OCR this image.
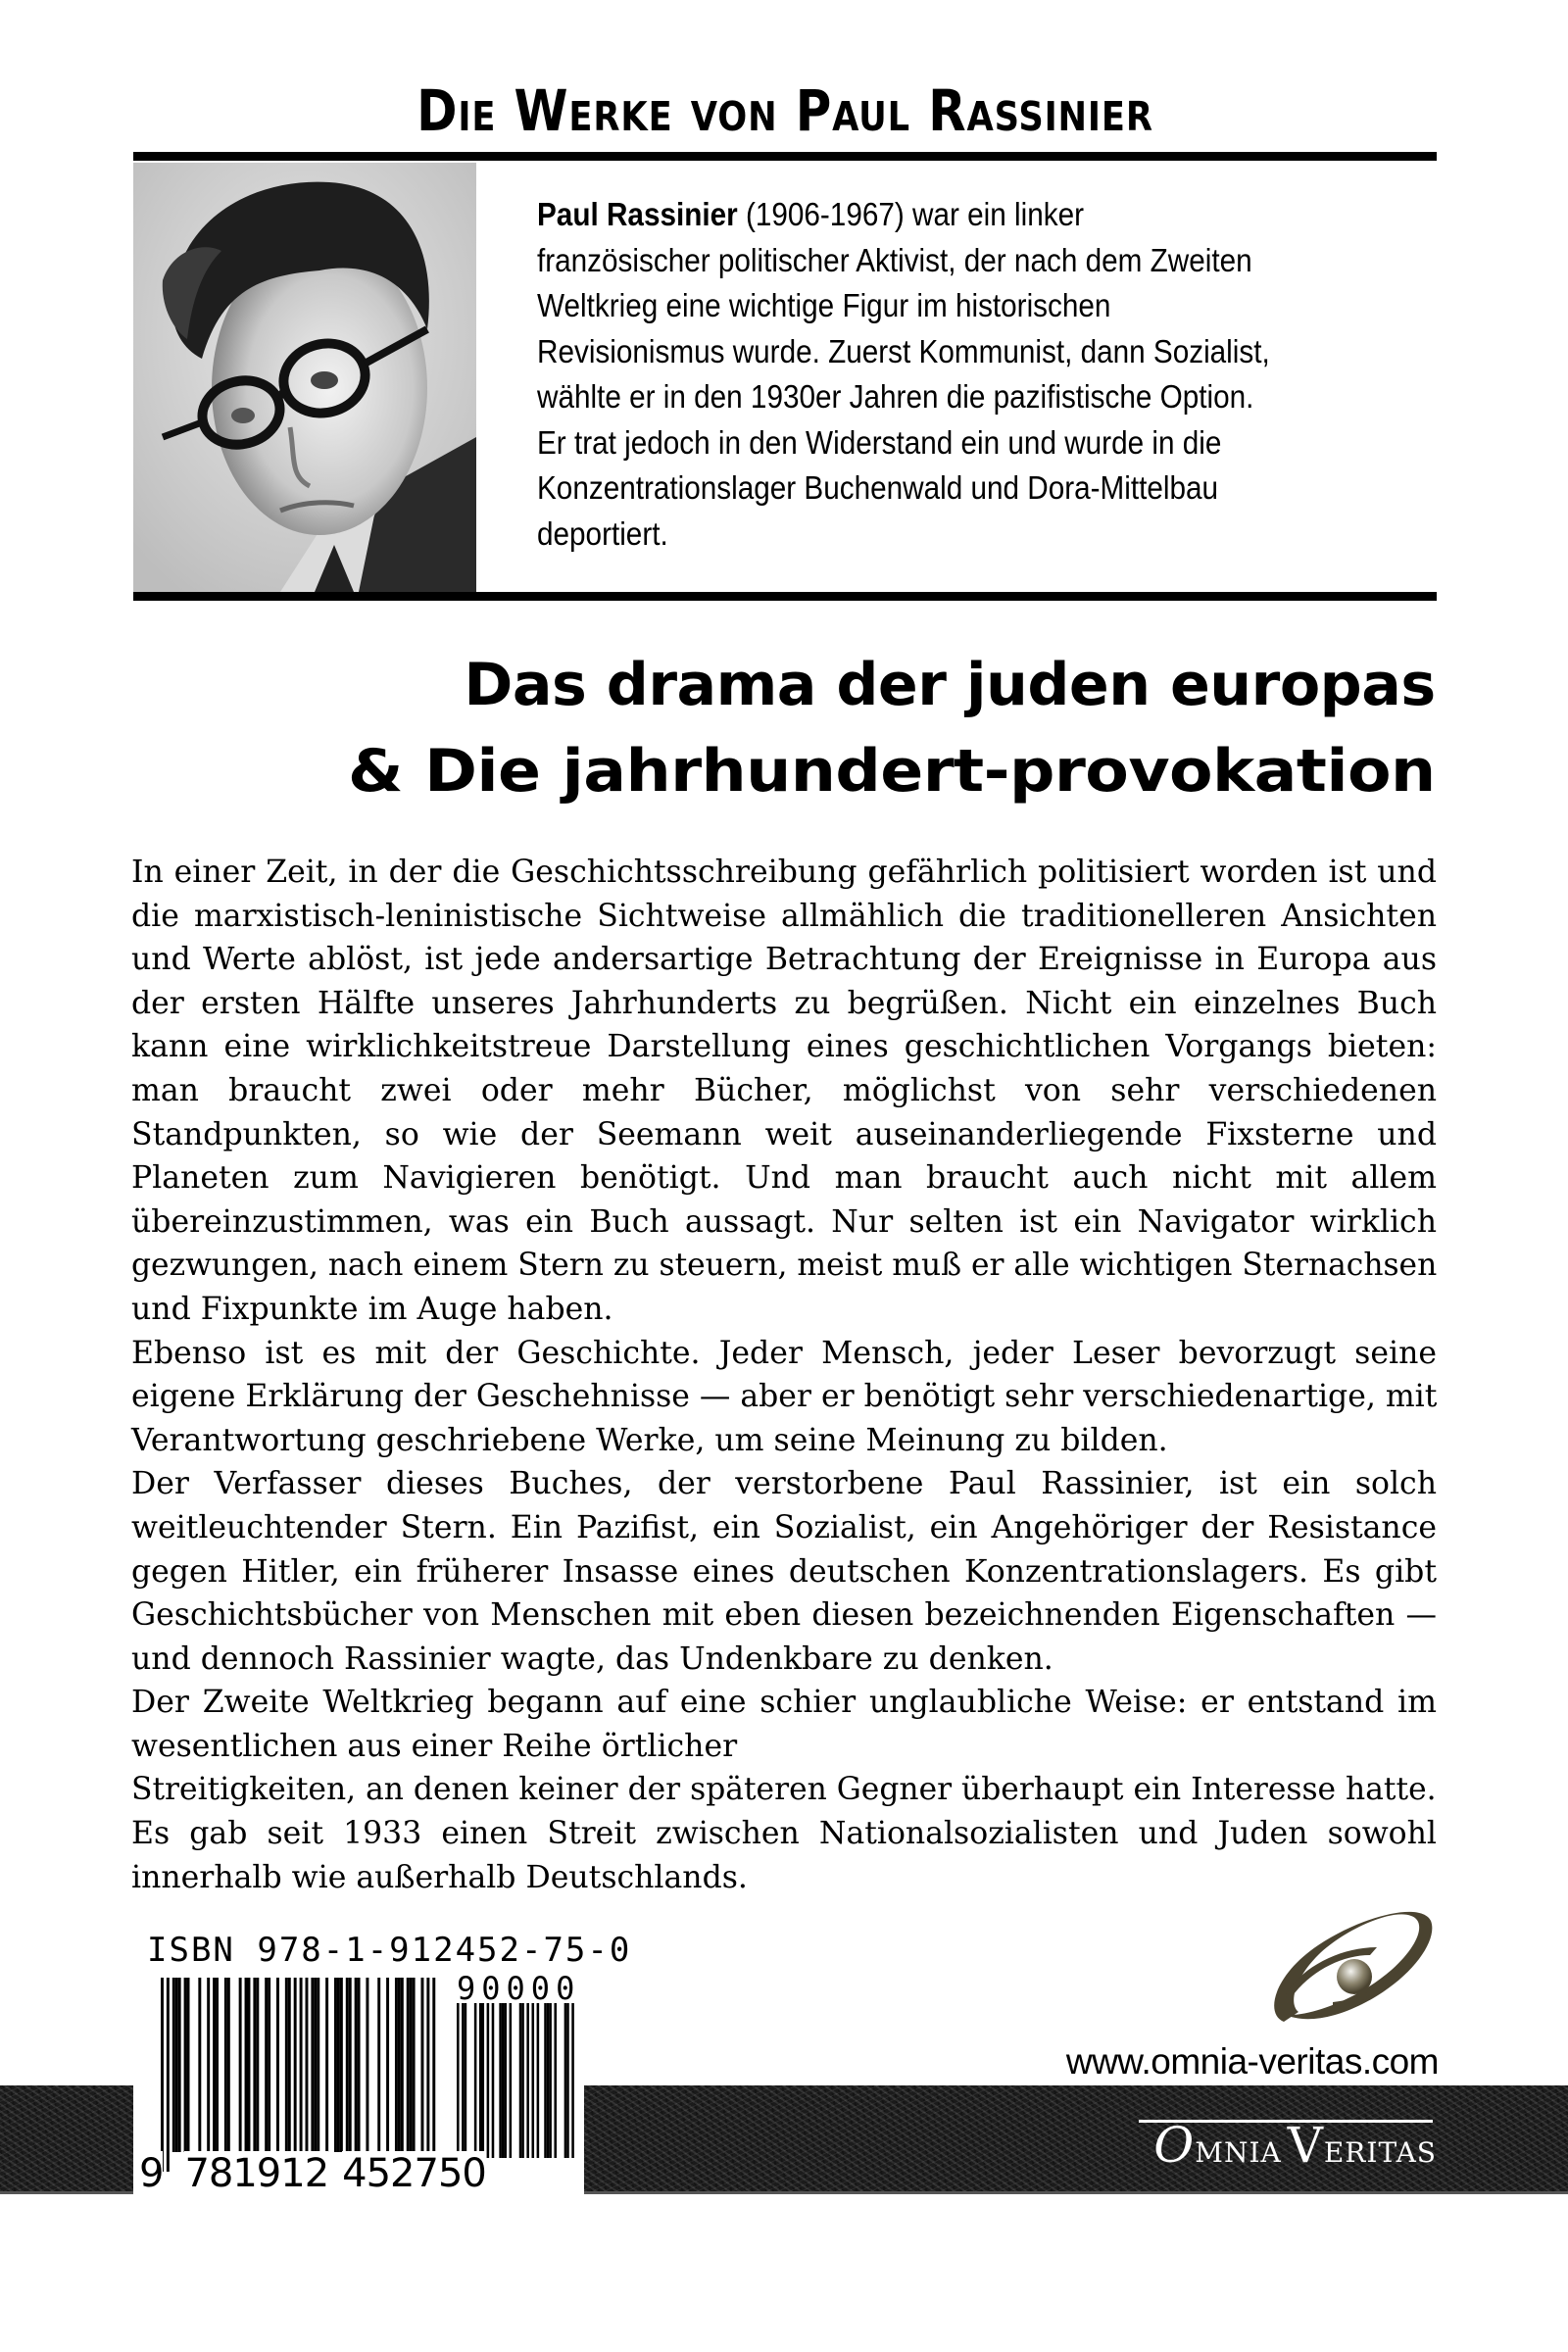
Die Werke von Paul Rassinier
Paul Rassinier (1906-1967) war ein linker
französischer politischer Aktivist, der nach dem Zweiten
Weltkrieg eine wichtige Figur im historischen
Revisionismus wurde. Zuerst Kommunist, dann Sozialist,
wählte er in den 1930er Jahren die pazifistische Option.
Er trat jedoch in den Widerstand ein und wurde in die
Konzentrationslager Buchenwald und Dora-Mittelbau
deportiert.
Das drama der juden europas
& Die jahrhundert-provokation
In einer Zeit, in der die Geschichtsschreibung gefährlich politisiert worden ist und
die marxistisch-leninistische Sichtweise allmählich die traditionelleren Ansichten
und Werte ablöst, ist jede andersartige Betrachtung der Ereignisse in Europa aus
der ersten Hälfte unseres Jahrhunderts zu begrüßen. Nicht ein einzelnes Buch
kann eine wirklichkeitstreue Darstellung eines geschichtlichen Vorgangs bieten:
man braucht zwei oder mehr Bücher, möglichst von sehr verschiedenen
Standpunkten, so wie der Seemann weit auseinanderliegende Fixsterne und
Planeten zum Navigieren benötigt. Und man braucht auch nicht mit allem
übereinzustimmen, was ein Buch aussagt. Nur selten ist ein Navigator wirklich
gezwungen, nach einem Stern zu steuern, meist muß er alle wichtigen Sternachsen
und Fixpunkte im Auge haben.
Ebenso ist es mit der Geschichte. Jeder Mensch, jeder Leser bevorzugt seine
eigene Erklärung der Geschehnisse — aber er benötigt sehr verschiedenartige, mit
Verantwortung geschriebene Werke, um seine Meinung zu bilden.
Der Verfasser dieses Buches, der verstorbene Paul Rassinier, ist ein solch
weitleuchtender Stern. Ein Pazifist, ein Sozialist, ein Angehöriger der Resistance
gegen Hitler, ein früherer Insasse eines deutschen Konzentrationslagers. Es gibt
Geschichtsbücher von Menschen mit eben diesen bezeichnenden Eigenschaften —
und dennoch Rassinier wagte, das Undenkbare zu denken.
Der Zweite Weltkrieg begann auf eine schier unglaubliche Weise: er entstand im
wesentlichen aus einer Reihe örtlicher
Streitigkeiten, an denen keiner der späteren Gegner überhaupt ein Interesse hatte.
Es gab seit 1933 einen Streit zwischen Nationalsozialisten und Juden sowohl
innerhalb wie außerhalb Deutschlands.
ISBN 978-1-912452-75-0
90000
9 781912 452750
www.omnia-veritas.com
Omnia Veritas
